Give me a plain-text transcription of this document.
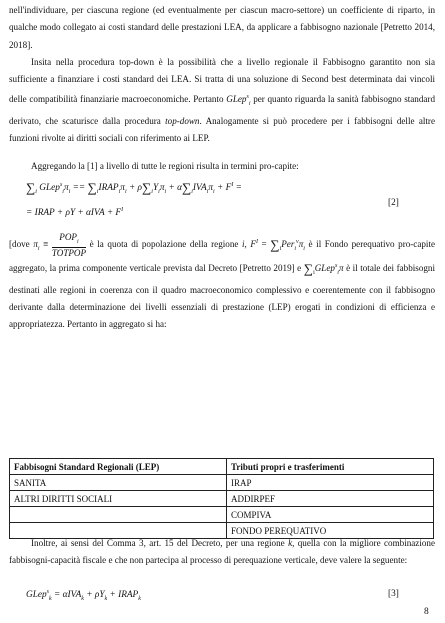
nell'individuare, per ciascuna regione (ed eventualmente per ciascun macro-settore) un coefficiente di riparto, in qualche modo collegato ai costi standard delle prestazioni LEA, da applicare a fabbisogno nazionale [Petretto 2014, 2018].
Insita nella procedura top-down è la possibilità che a livello regionale il Fabbisogno garantito non sia sufficiente a finanziare i costi standard dei LEA. Si tratta di una soluzione di Second best determinata dai vincoli delle compatibilità finanziarie macroeconomiche. Pertanto GLep$^s_i$ per quanto riguarda la sanità fabbisogno standard derivato, che scaturisce dalla procedura top-down. Analogamente si può procedere per i fabbisogni delle altre funzioni rivolte ai diritti sociali con riferimento ai LEP.
Aggregando la [1] a livello di tutte le regioni risulta in termini pro-capite:
$\sum_i$ $GLep^s_i\pi_i$ == $\sum_iIRAP_i\pi_i + \rho\sum_iY_i\pi_i + \alpha\sum_iIVA_i\pi_i + F^I$ =
= IRAP + $\rho Y + \alpha IVA + F^I$
[2]
[dove $\pi_i \equiv \frac{POP_i}{\text{TOTPOP}}$ è la quota di popolazione della regione i, $F^I = \sum_iPer_i^v\pi_i$ è il Fondo perequativo pro-capite aggregato, la prima componente verticale prevista dal Decreto [Petretto 2019] e $\sum_iGLep^s_i\pi$ è il totale dei fabbisogni destinati alle regioni in coerenza con il quadro macroeconomico complessivo e coerentemente con il fabbisogno derivante dalla determinazione dei livelli essenziali di prestazione (LEP) erogati in condizioni di efficienza e appropriatezza. Pertanto in aggregato si ha:
Fabbisogni Standard Regionali (LEP)	Tributi propri e trasferimenti
SANITA	IRAP
ALTRI DIRITTI SOCIALI	ADDIRPEF
	COMPIVA
	FONDO PEREQUATIVO
Inoltre, ai sensi del Comma 3, art. 15 del Decreto, per una regione k, quella con la migliore combinazione fabbisogni-capacità fiscale e che non partecipa al processo di perequazione verticale, deve valere la seguente:
GLep$^s_k$ = $\alpha IVA_k + \rho Y_k$ + $IRAP_k$	[3]
8
